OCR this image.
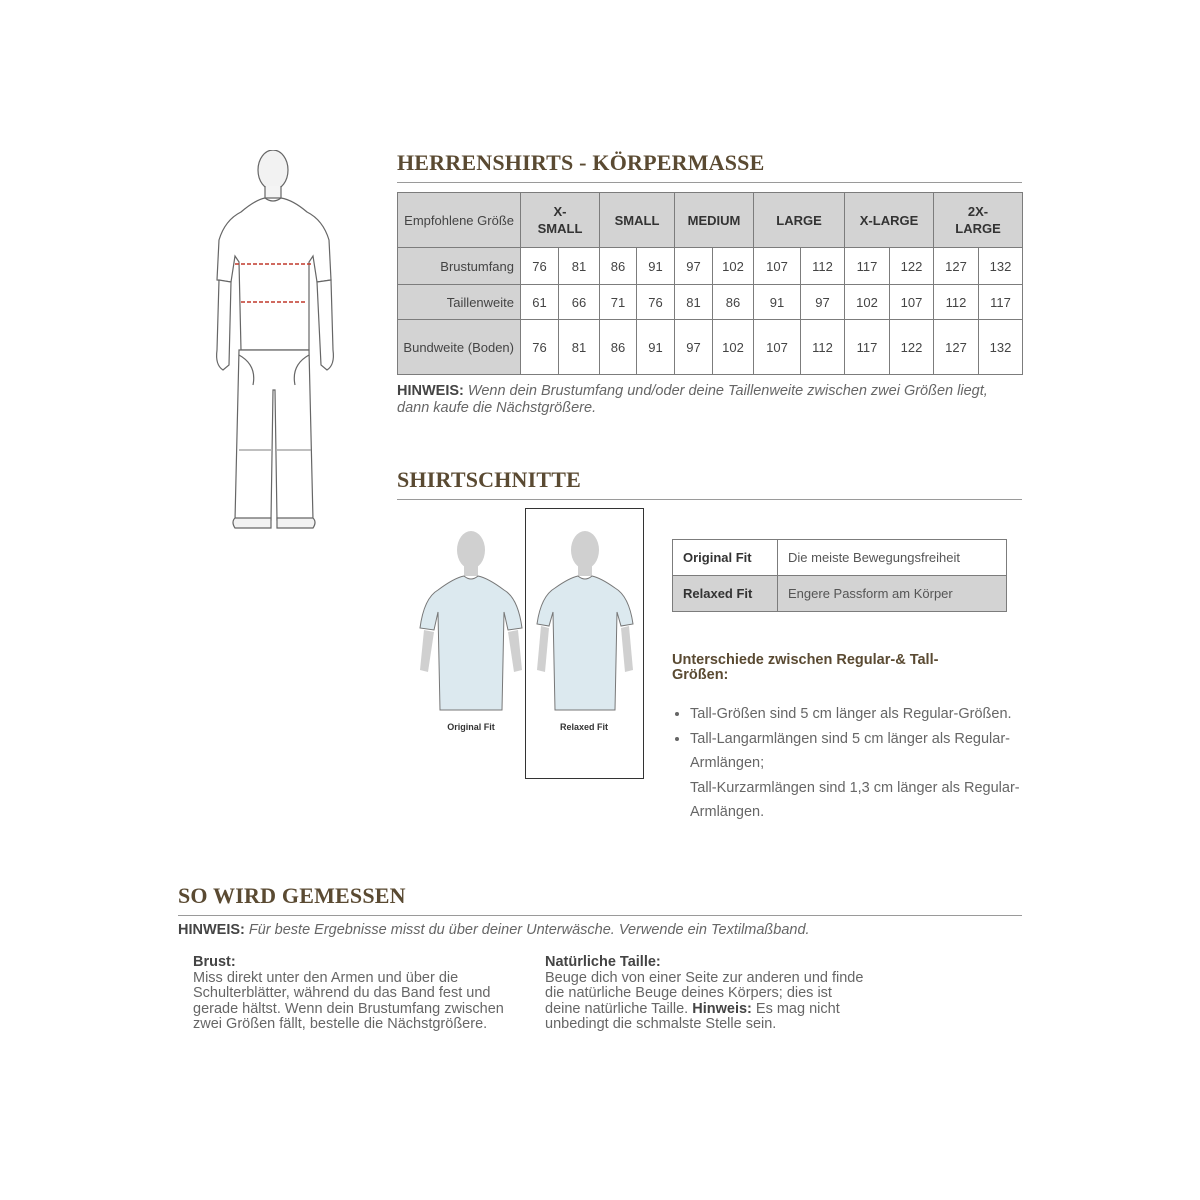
HERRENSHIRTS - KÖRPERMASSE
Empfohlene Größe	X-SMALL		SMALL		MEDIUM		LARGE		X-LARGE		2X-LARGE	
Brustumfang	76	81	86	91	97	102	107	112	117	122	127	132
Taillenweite	61	66	71	76	81	86	91	97	102	107	112	117
Bundweite (Boden)	76	81	86	91	97	102	107	112	117	122	127	132
HINWEIS: Wenn dein Brustumfang und/oder deine Taillenweite zwischen zwei Größen liegt, dann kaufe die Nächstgrößere.
SHIRTSCHNITTE
Original Fit	Relaxed Fit
Original Fit	Die meiste Bewegungsfreiheit
Relaxed Fit	Engere Passform am Körper
Unterschiede zwischen Regular-& Tall-Größen:
• Tall-Größen sind 5 cm länger als Regular-Größen.
• Tall-Langarmlängen sind 5 cm länger als Regular-Armlängen;
Tall-Kurzarmlängen sind 1,3 cm länger als Regular-Armlängen.
SO WIRD GEMESSEN
HINWEIS: Für beste Ergebnisse misst du über deiner Unterwäsche. Verwende ein Textilmaßband.
Brust:
Miss direkt unter den Armen und über die Schulterblätter, während du das Band fest und gerade hältst. Wenn dein Brustumfang zwischen zwei Größen fällt, bestelle die Nächstgrößere.
Natürliche Taille:
Beuge dich von einer Seite zur anderen und finde die natürliche Beuge deines Körpers; dies ist deine natürliche Taille. Hinweis: Es mag nicht unbedingt die schmalste Stelle sein.
